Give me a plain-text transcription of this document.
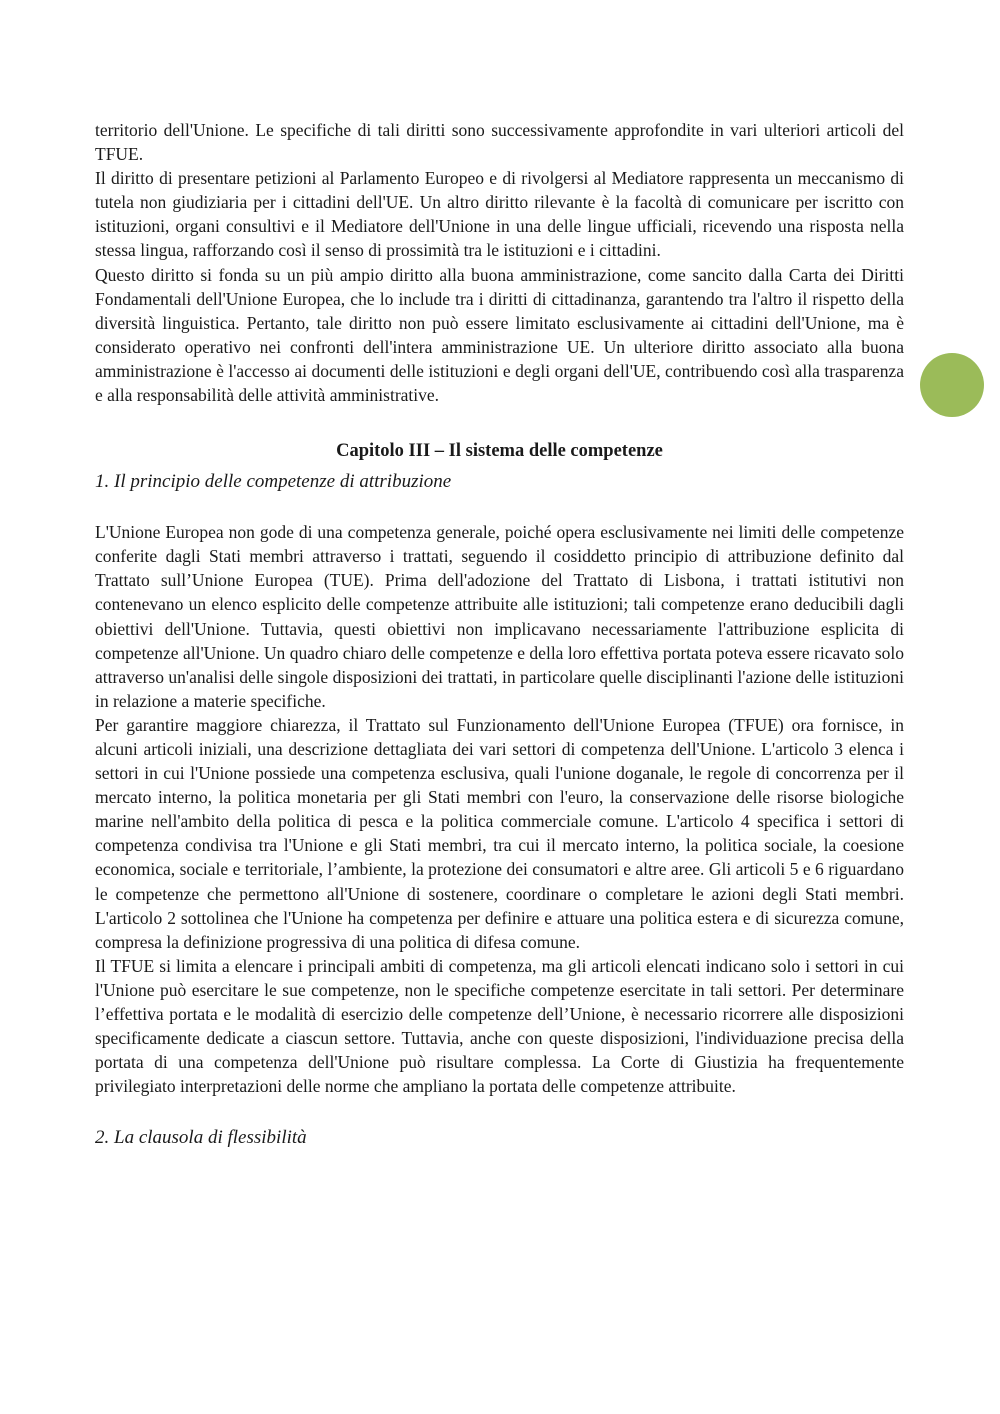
territorio dell'Unione. Le specifiche di tali diritti sono successivamente approfondite in vari ulteriori articoli del TFUE.

Il diritto di presentare petizioni al Parlamento Europeo e di rivolgersi al Mediatore rappresenta un meccanismo di tutela non giudiziaria per i cittadini dell'UE. Un altro diritto rilevante è la facoltà di comunicare per iscritto con istituzioni, organi consultivi e il Mediatore dell'Unione in una delle lingue ufficiali, ricevendo una risposta nella stessa lingua, rafforzando così il senso di prossimità tra le istituzioni e i cittadini.

Questo diritto si fonda su un più ampio diritto alla buona amministrazione, come sancito dalla Carta dei Diritti Fondamentali dell'Unione Europea, che lo include tra i diritti di cittadinanza, garantendo tra l'altro il rispetto della diversità linguistica. Pertanto, tale diritto non può essere limitato esclusivamente ai cittadini dell'Unione, ma è considerato operativo nei confronti dell'intera amministrazione UE. Un ulteriore diritto associato alla buona amministrazione è l'accesso ai documenti delle istituzioni e degli organi dell'UE, contribuendo così alla trasparenza e alla responsabilità delle attività amministrative.

Capitolo III – Il sistema delle competenze
1. Il principio delle competenze di attribuzione

L'Unione Europea non gode di una competenza generale, poiché opera esclusivamente nei limiti delle competenze conferite dagli Stati membri attraverso i trattati, seguendo il cosiddetto principio di attribuzione definito dal Trattato sull’Unione Europea (TUE). Prima dell'adozione del Trattato di Lisbona, i trattati istitutivi non contenevano un elenco esplicito delle competenze attribuite alle istituzioni; tali competenze erano deducibili dagli obiettivi dell'Unione. Tuttavia, questi obiettivi non implicavano necessariamente l'attribuzione esplicita di competenze all'Unione. Un quadro chiaro delle competenze e della loro effettiva portata poteva essere ricavato solo attraverso un'analisi delle singole disposizioni dei trattati, in particolare quelle disciplinanti l'azione delle istituzioni in relazione a materie specifiche.

Per garantire maggiore chiarezza, il Trattato sul Funzionamento dell'Unione Europea (TFUE) ora fornisce, in alcuni articoli iniziali, una descrizione dettagliata dei vari settori di competenza dell'Unione. L'articolo 3 elenca i settori in cui l'Unione possiede una competenza esclusiva, quali l'unione doganale, le regole di concorrenza per il mercato interno, la politica monetaria per gli Stati membri con l'euro, la conservazione delle risorse biologiche marine nell'ambito della politica di pesca e la politica commerciale comune. L'articolo 4 specifica i settori di competenza condivisa tra l'Unione e gli Stati membri, tra cui il mercato interno, la politica sociale, la coesione economica, sociale e territoriale, l’ambiente, la protezione dei consumatori e altre aree. Gli articoli 5 e 6 riguardano le competenze che permettono all'Unione di sostenere, coordinare o completare le azioni degli Stati membri. L'articolo 2 sottolinea che l'Unione ha competenza per definire e attuare una politica estera e di sicurezza comune, compresa la definizione progressiva di una politica di difesa comune.

Il TFUE si limita a elencare i principali ambiti di competenza, ma gli articoli elencati indicano solo i settori in cui l'Unione può esercitare le sue competenze, non le specifiche competenze esercitate in tali settori. Per determinare l’effettiva portata e le modalità di esercizio delle competenze dell’Unione, è necessario ricorrere alle disposizioni specificamente dedicate a ciascun settore. Tuttavia, anche con queste disposizioni, l'individuazione precisa della portata di una competenza dell'Unione può risultare complessa. La Corte di Giustizia ha frequentemente privilegiato interpretazioni delle norme che ampliano la portata delle competenze attribuite.

2. La clausola di flessibilità
